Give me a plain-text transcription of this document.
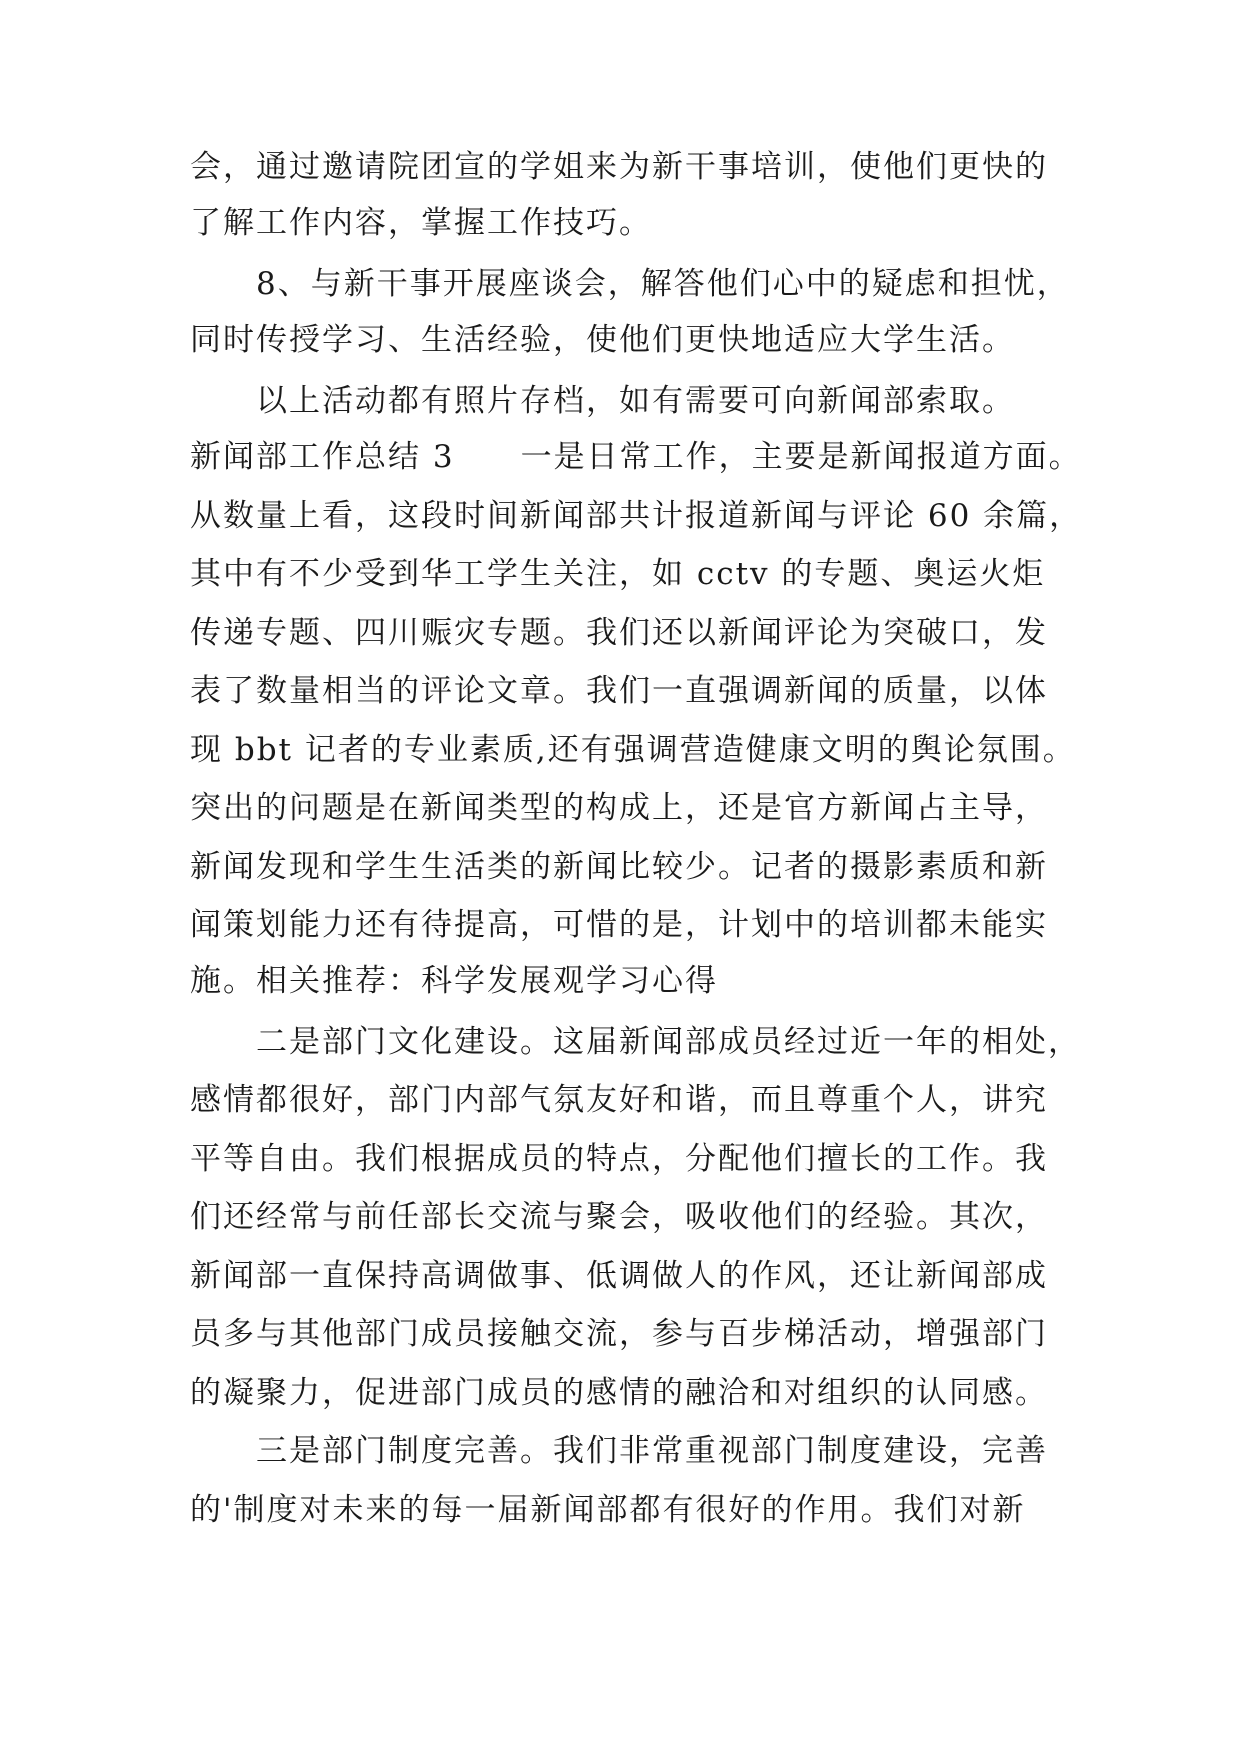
会，通过邀请院团宣的学姐来为新干事培训，使他们更快的
了解工作内容，掌握工作技巧。
　　8、与新干事开展座谈会，解答他们心中的疑虑和担忧，
同时传授学习、生活经验，使他们更快地适应大学生活。
　　以上活动都有照片存档，如有需要可向新闻部索取。
新闻部工作总结 3　　一是日常工作，主要是新闻报道方面。
从数量上看，这段时间新闻部共计报道新闻与评论 60 余篇，
其中有不少受到华工学生关注，如 cctv 的专题、奥运火炬
传递专题、四川赈灾专题。我们还以新闻评论为突破口，发
表了数量相当的评论文章。我们一直强调新闻的质量，以体
现 bbt 记者的专业素质,还有强调营造健康文明的舆论氛围。
突出的问题是在新闻类型的构成上，还是官方新闻占主导，
新闻发现和学生生活类的新闻比较少。记者的摄影素质和新
闻策划能力还有待提高，可惜的是，计划中的培训都未能实
施。相关推荐：科学发展观学习心得
　　二是部门文化建设。这届新闻部成员经过近一年的相处，
感情都很好，部门内部气氛友好和谐，而且尊重个人，讲究
平等自由。我们根据成员的特点，分配他们擅长的工作。我
们还经常与前任部长交流与聚会，吸收他们的经验。其次，
新闻部一直保持高调做事、低调做人的作风，还让新闻部成
员多与其他部门成员接触交流，参与百步梯活动，增强部门
的凝聚力，促进部门成员的感情的融洽和对组织的认同感。
　　三是部门制度完善。我们非常重视部门制度建设，完善
的'制度对未来的每一届新闻部都有很好的作用。我们对新
